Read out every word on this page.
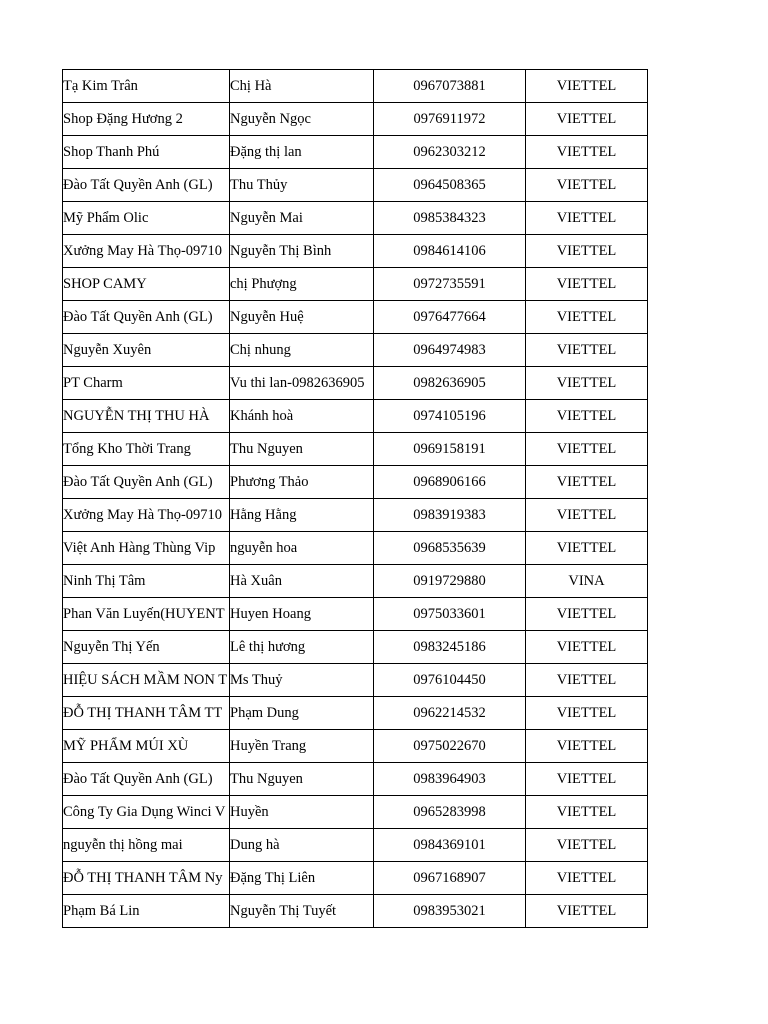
Tạ Kim Trân	Chị Hà	0967073881	VIETTEL
Shop Đặng Hương 2	Nguyễn Ngọc	0976911972	VIETTEL
Shop Thanh Phú	Đặng thị lan	0962303212	VIETTEL
Đào Tất Quyền Anh (GL)	Thu Thủy	0964508365	VIETTEL
Mỹ Phẩm Olic	Nguyễn Mai	0985384323	VIETTEL
Xưởng May Hà Thọ-09710	Nguyễn Thị Bình	0984614106	VIETTEL
SHOP CAMY	chị Phượng	0972735591	VIETTEL
Đào Tất Quyền Anh (GL)	Nguyễn Huệ	0976477664	VIETTEL
Nguyễn Xuyên	Chị nhung	0964974983	VIETTEL
PT Charm	Vu thi lan-0982636905	0982636905	VIETTEL
NGUYỄN THỊ THU HÀ	Khánh hoà	0974105196	VIETTEL
Tổng Kho Thời Trang	Thu Nguyen	0969158191	VIETTEL
Đào Tất Quyền Anh (GL)	Phương Thảo	0968906166	VIETTEL
Xưởng May Hà Thọ-09710	Hằng Hằng	0983919383	VIETTEL
Việt Anh Hàng Thùng Vip	nguyễn hoa	0968535639	VIETTEL
Ninh Thị Tâm	Hà Xuân	0919729880	VINA
Phan Văn Luyến(HUYENT	Huyen Hoang	0975033601	VIETTEL
Nguyễn Thị Yến	Lê thị hương	0983245186	VIETTEL
HIỆU SÁCH MẦM NON T	Ms Thuỷ	0976104450	VIETTEL
ĐỖ THỊ THANH TÂM TT	Phạm Dung	0962214532	VIETTEL
MỸ PHẨM MÚI XÙ	Huyền Trang	0975022670	VIETTEL
Đào Tất Quyền Anh (GL)	Thu Nguyen	0983964903	VIETTEL
Công Ty Gia Dụng Winci V	Huyền	0965283998	VIETTEL
nguyễn thị hồng mai	Dung hà	0984369101	VIETTEL
ĐỖ THỊ THANH TÂM Ny	Đặng Thị Liên	0967168907	VIETTEL
Phạm Bá Lin	Nguyễn Thị Tuyết	0983953021	VIETTEL
